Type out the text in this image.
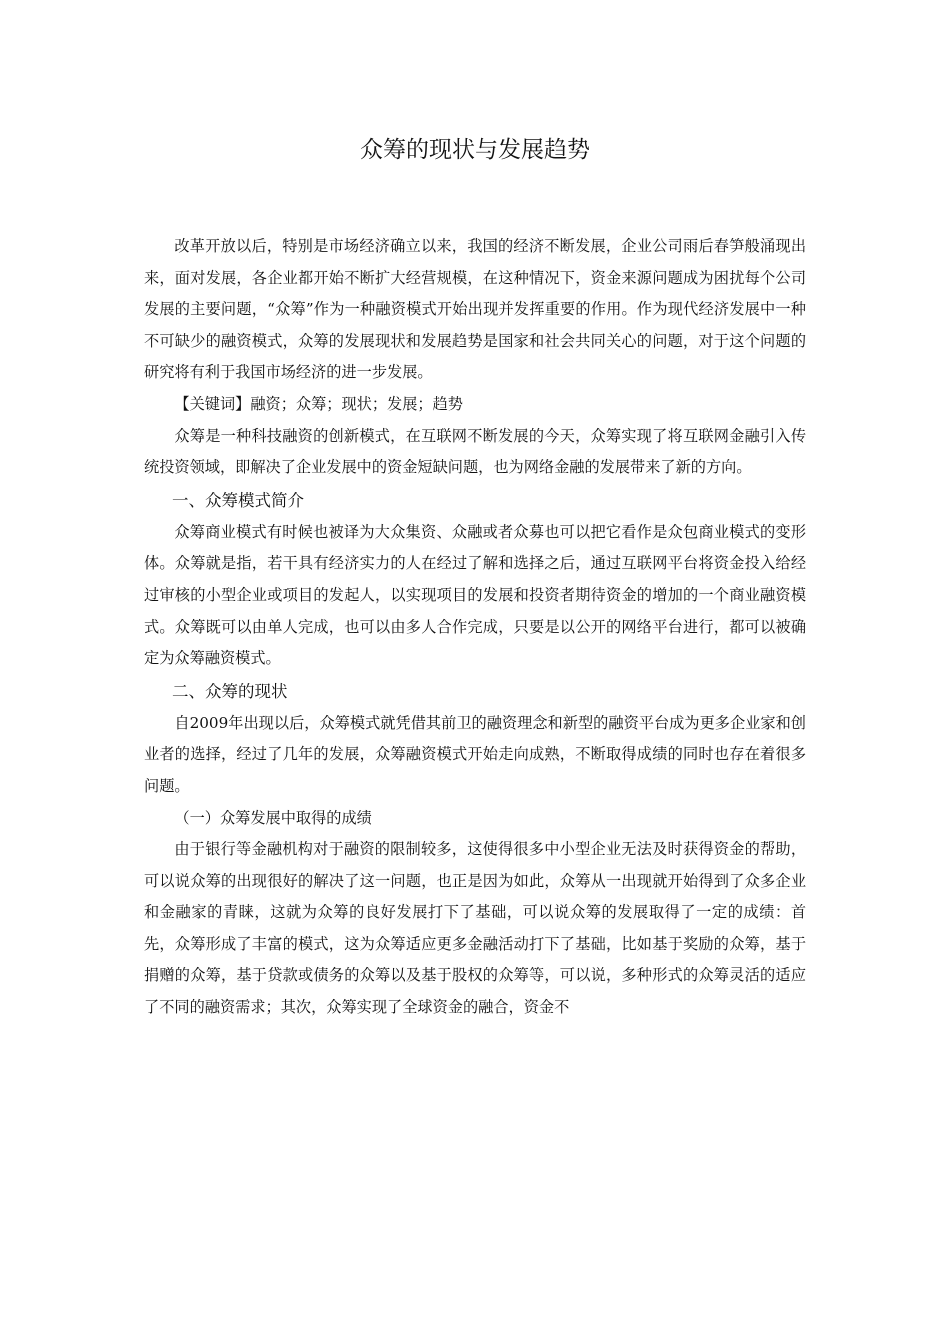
众筹的现状与发展趋势

改革开放以后，特别是市场经济确立以来，我国的经济不断发展，企业公司雨后春笋般涌现出来，面对发展，各企业都开始不断扩大经营规模，在这种情况下，资金来源问题成为困扰每个公司发展的主要问题，“众筹”作为一种融资模式开始出现并发挥重要的作用。作为现代经济发展中一种不可缺少的融资模式，众筹的发展现状和发展趋势是国家和社会共同关心的问题，对于这个问题的研究将有利于我国市场经济的进一步发展。

【关键词】融资；众筹；现状；发展；趋势

众筹是一种科技融资的创新模式，在互联网不断发展的今天，众筹实现了将互联网金融引入传统投资领域，即解决了企业发展中的资金短缺问题，也为网络金融的发展带来了新的方向。

一、众筹模式简介

众筹商业模式有时候也被译为大众集资、众融或者众募也可以把它看作是众包商业模式的变形体。众筹就是指，若干具有经济实力的人在经过了解和选择之后，通过互联网平台将资金投入给经过审核的小型企业或项目的发起人，以实现项目的发展和投资者期待资金的增加的一个商业融资模式。众筹既可以由单人完成，也可以由多人合作完成，只要是以公开的网络平台进行，都可以被确定为众筹融资模式。

二、众筹的现状

自2009年出现以后，众筹模式就凭借其前卫的融资理念和新型的融资平台成为更多企业家和创业者的选择，经过了几年的发展，众筹融资模式开始走向成熟，不断取得成绩的同时也存在着很多问题。

（一）众筹发展中取得的成绩

由于银行等金融机构对于融资的限制较多，这使得很多中小型企业无法及时获得资金的帮助，可以说众筹的出现很好的解决了这一问题，也正是因为如此，众筹从一出现就开始得到了众多企业和金融家的青睐，这就为众筹的良好发展打下了基础，可以说众筹的发展取得了一定的成绩：首先，众筹形成了丰富的模式，这为众筹适应更多金融活动打下了基础，比如基于奖励的众筹，基于捐赠的众筹，基于贷款或债务的众筹以及基于股权的众筹等，可以说，多种形式的众筹灵活的适应了不同的融资需求；其次，众筹实现了全球资金的融合，资金不
